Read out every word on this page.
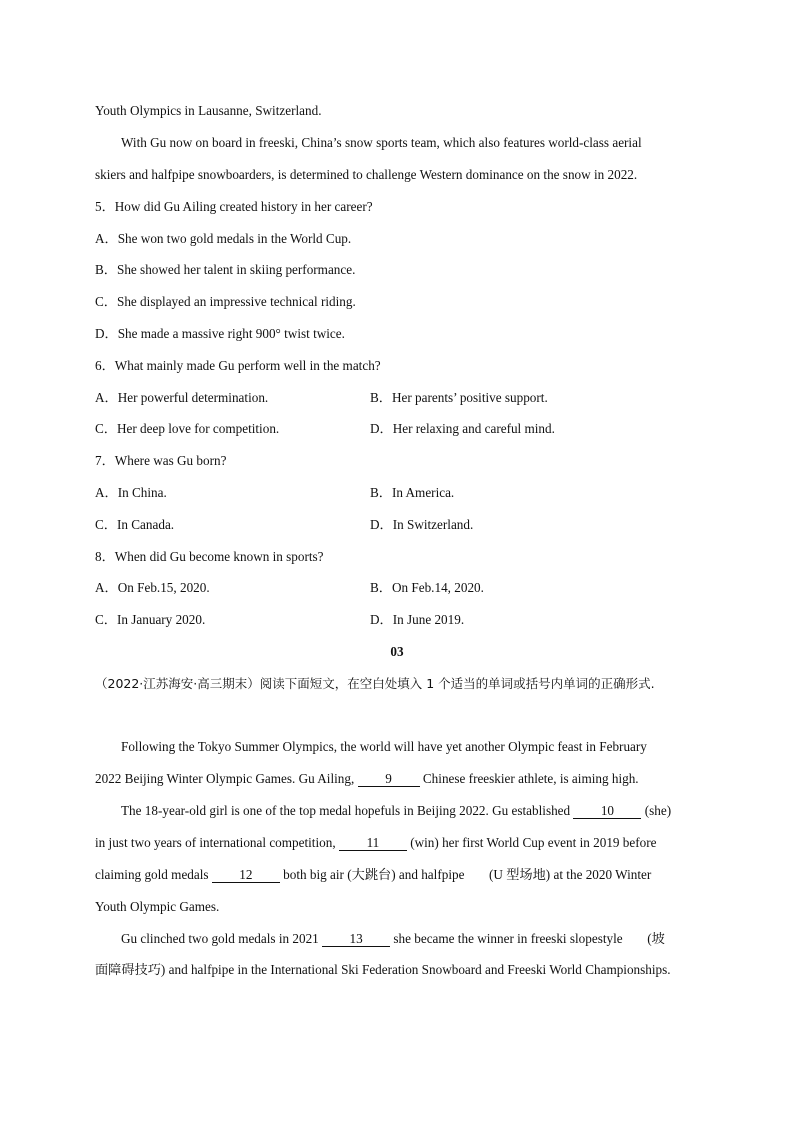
Youth Olympics in Lausanne, Switzerland.
With Gu now on board in freeski, China’s snow sports team, which also features world-class aerial
skiers and halfpipe snowboarders, is determined to challenge Western dominance on the snow in 2022.
5．How did Gu Ailing created history in her career?
A．She won two gold medals in the World Cup.
B．She showed her talent in skiing performance.
C．She displayed an impressive technical riding.
D．She made a massive right 900° twist twice.
6．What mainly made Gu perform well in the match?
A．Her powerful determination.	B．Her parents’ positive support.
C．Her deep love for competition.	D．Her relaxing and careful mind.
7．Where was Gu born?
A．In China.	B．In America.
C．In Canada.	D．In Switzerland.
8．When did Gu become known in sports?
A．On Feb.15, 2020.	B．On Feb.14, 2020.
C．In January 2020.	D．In June 2019.
03
（2022·江苏海安·高三期末）阅读下面短文，在空白处填入 1 个适当的单词或括号内单词的正确形式.
Following the Tokyo Summer Olympics, the world will have yet another Olympic feast in February
2022 Beijing Winter Olympic Games. Gu Ailing, 9 Chinese freeskier athlete, is aiming high.
The 18-year-old girl is one of the top medal hopefuls in Beijing 2022. Gu established 10 (she)
in just two years of international competition, 11 (win) her first World Cup event in 2019 before
claiming gold medals 12 both big air (大跳台) and halfpipe (U 型场地) at the 2020 Winter
Youth Olympic Games.
Gu clinched two gold medals in 2021 13 she became the winner in freeski slopestyle (坡
面障碍技巧) and halfpipe in the International Ski Federation Snowboard and Freeski World Championships.
